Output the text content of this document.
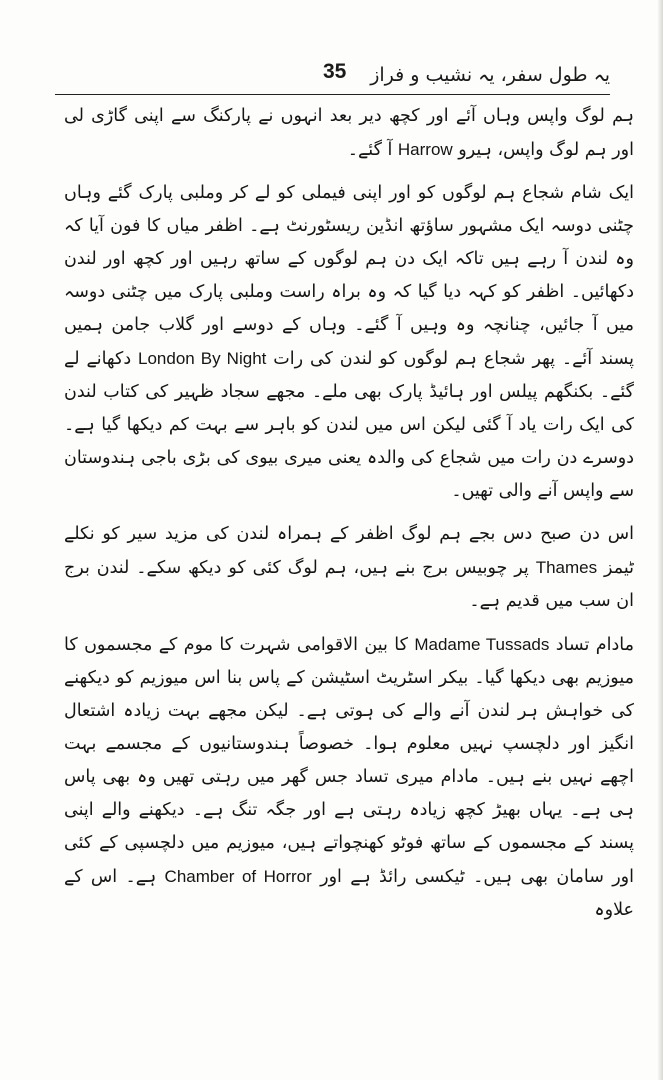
یہ طول سفر، یہ نشیب و فراز
35

ہم لوگ واپس وہاں آئے اور کچھ دیر بعد انہوں نے پارکنگ سے اپنی گاڑی لی اور ہم لوگ واپس، ہیرو Harrow آ گئے۔

ایک شام شجاع ہم لوگوں کو اور اپنی فیملی کو لے کر وملبی پارک گئے وہاں چٹنی دوسہ ایک مشہور ساؤتھ انڈین ریسٹورنٹ ہے۔ اظفر میاں کا فون آیا کہ وہ لندن آ رہے ہیں تاکہ ایک دن ہم لوگوں کے ساتھ رہیں اور کچھ اور لندن دکھائیں۔ اظفر کو کہہ دیا گیا کہ وہ براہ راست وملبی پارک میں چٹنی دوسہ میں آ جائیں، چنانچہ وہ وہیں آ گئے۔ وہاں کے دوسے اور گلاب جامن ہمیں پسند آئے۔ پھر شجاع ہم لوگوں کو لندن کی رات London By Night دکھانے لے گئے۔ بکنگھم پیلس اور ہائیڈ پارک بھی ملے۔ مجھے سجاد ظہیر کی کتاب لندن کی ایک رات یاد آ گئی لیکن اس میں لندن کو باہر سے بہت کم دیکھا گیا ہے۔ دوسرے دن رات میں شجاع کی والدہ یعنی میری بیوی کی بڑی باجی ہندوستان سے واپس آنے والی تھیں۔

اس دن صبح دس بجے ہم لوگ اظفر کے ہمراہ لندن کی مزید سیر کو نکلے ٹیمز Thames پر چوبیس برج بنے ہیں، ہم لوگ کئی کو دیکھ سکے۔ لندن برج ان سب میں قدیم ہے۔

مادام تساد Madame Tussads کا بین الاقوامی شہرت کا موم کے مجسموں کا میوزیم بھی دیکھا گیا۔ بیکر اسٹریٹ اسٹیشن کے پاس بنا اس میوزیم کو دیکھنے کی خواہش ہر لندن آنے والے کی ہوتی ہے۔ لیکن مجھے بہت زیادہ اشتعال انگیز اور دلچسپ نہیں معلوم ہوا۔ خصوصاً ہندوستانیوں کے مجسمے بہت اچھے نہیں بنے ہیں۔ مادام میری تساد جس گھر میں رہتی تھیں وہ بھی پاس ہی ہے۔ یہاں بھیڑ کچھ زیادہ رہتی ہے اور جگہ تنگ ہے۔ دیکھنے والے اپنی پسند کے مجسموں کے ساتھ فوٹو کھنچواتے ہیں، میوزیم میں دلچسپی کے کئی اور سامان بھی ہیں۔ ٹیکسی رائڈ ہے اور Chamber of Horror ہے۔ اس کے علاوہ
